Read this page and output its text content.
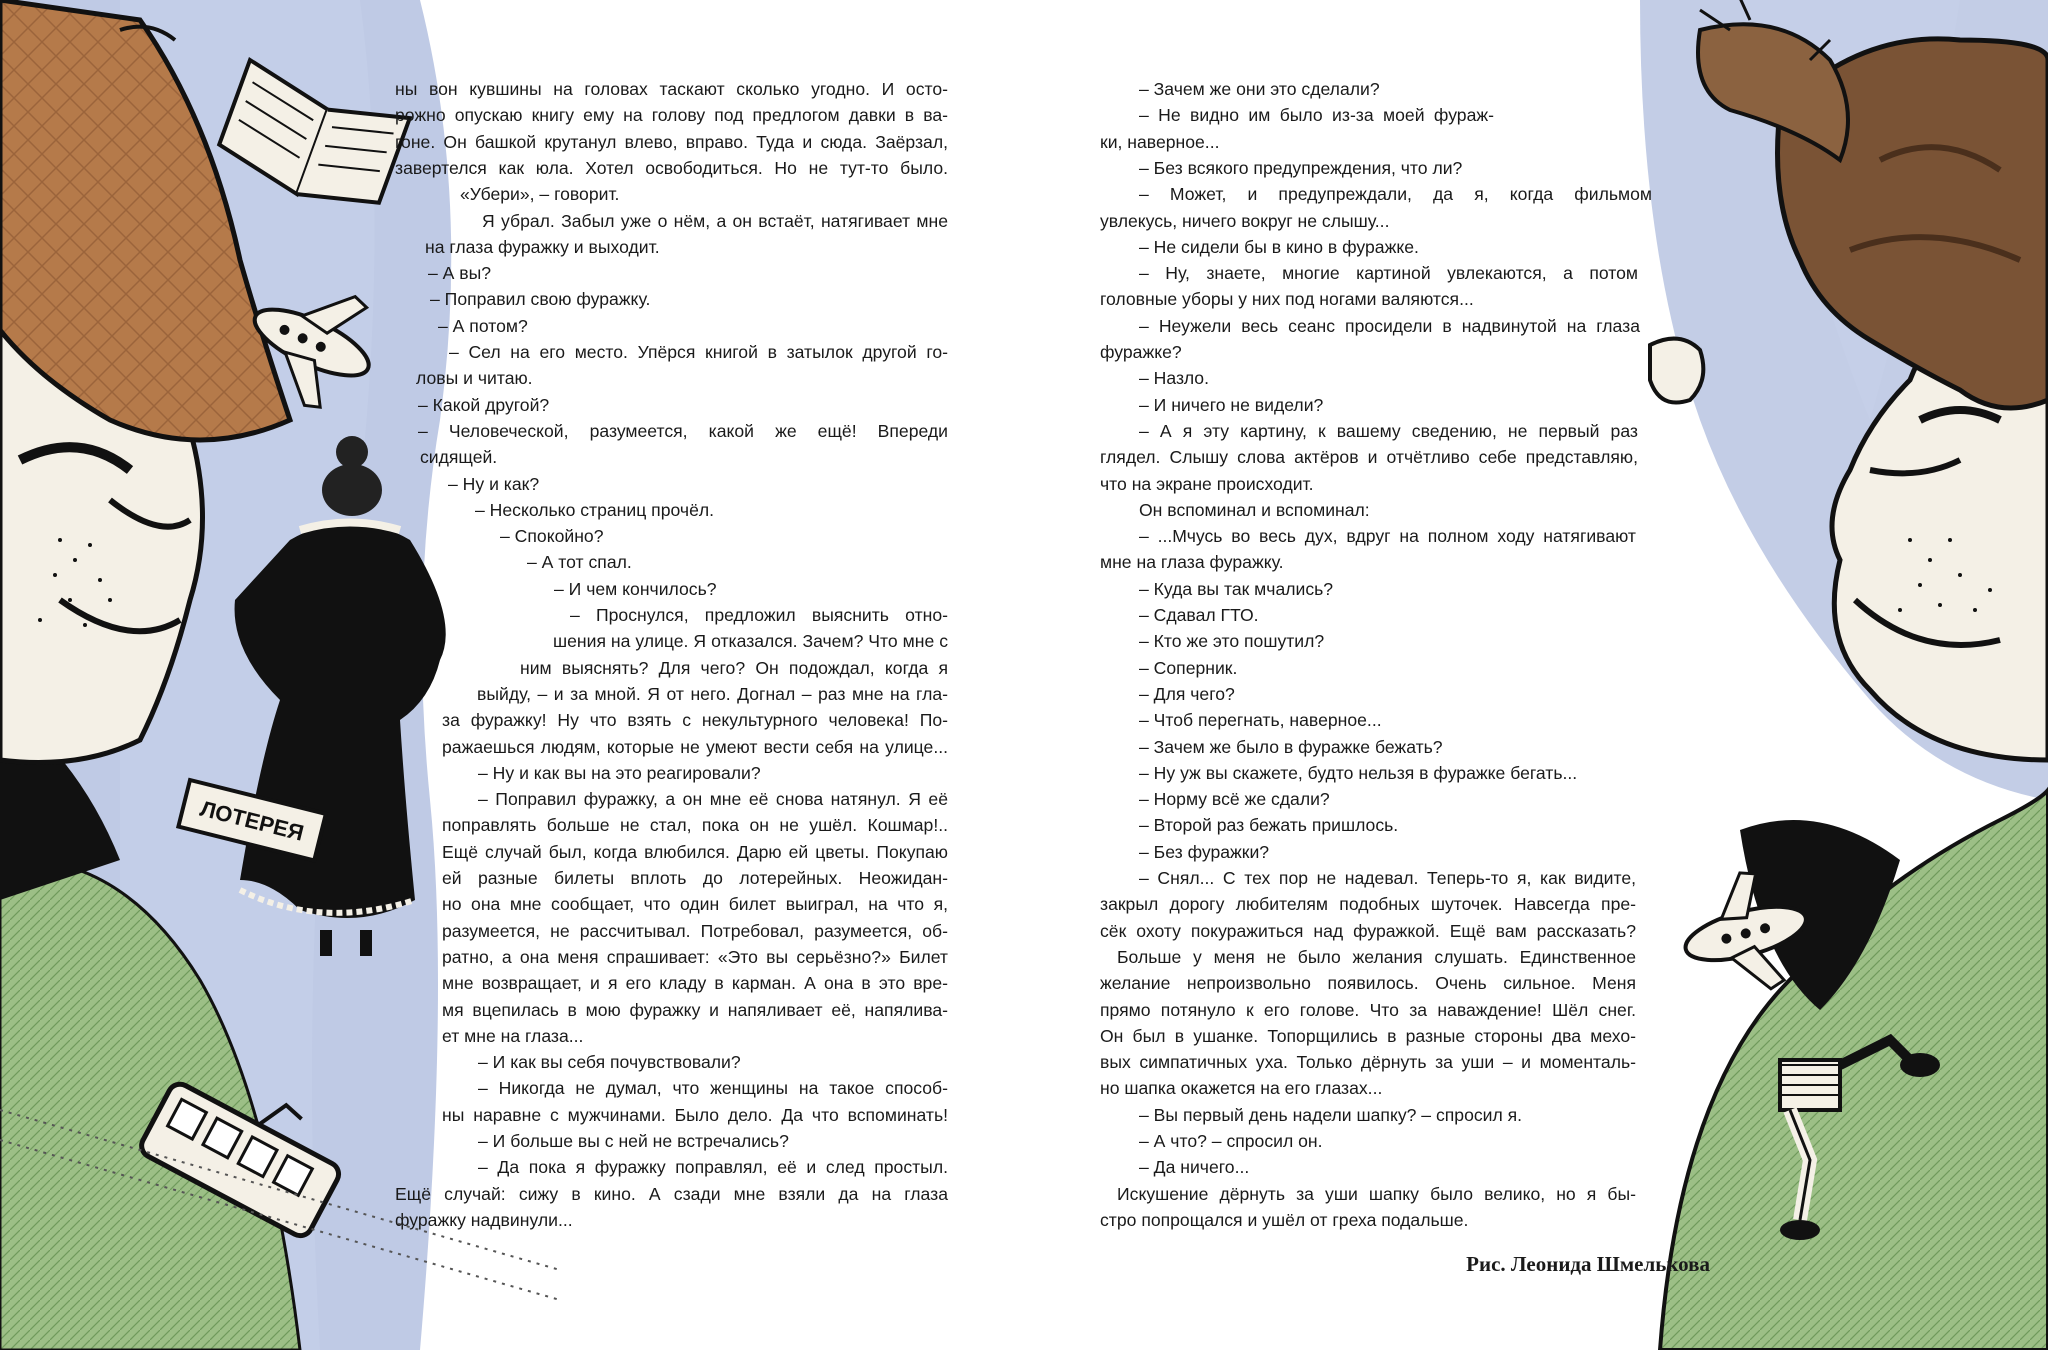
ЛОТЕРЕЯ
ны вон кувшины на головах таскают сколько угодно. И осто-
рожно опускаю книгу ему на голову под предлогом давки в ва-
гоне. Он башкой крутанул влево, вправо. Туда и сюда. Заёрзал,
завертелся как юла. Хотел освободиться. Но не тут-то было.
«Убери», – говорит.
Я убрал. Забыл уже о нём, а он встаёт, натягивает мне
на глаза фуражку и выходит.
– А вы?
– Поправил свою фуражку.
– А потом?
– Сел на его место. Упёрся книгой в затылок другой го-
ловы и читаю.
– Какой другой?
– Человеческой, разумеется, какой же ещё! Впереди
сидящей.
– Ну и как?
– Несколько страниц прочёл.
– Спокойно?
– А тот спал.
– И чем кончилось?
– Проснулся, предложил выяснить отно-
шения на улице. Я отказался. Зачем? Что мне с
ним выяснять? Для чего? Он подождал, когда я
выйду, – и за мной. Я от него. Догнал – раз мне на гла-
за фуражку! Ну что взять с некультурного человека! По-
ражаешься людям, которые не умеют вести себя на улице...
– Ну и как вы на это реагировали?
– Поправил фуражку, а он мне её снова натянул. Я её
поправлять больше не стал, пока он не ушёл. Кошмар!..
Ещё случай был, когда влюбился. Дарю ей цветы. Покупаю
ей разные билеты вплоть до лотерейных. Неожидан-
но она мне сообщает, что один билет выиграл, на что я,
разумеется, не рассчитывал. Потребовал, разумеется, об-
ратно, а она меня спрашивает: «Это вы серьёзно?» Билет
мне возвращает, и я его кладу в карман. А она в это вре-
мя вцепилась в мою фуражку и напяливает её, напялива-
ет мне на глаза...
– И как вы себя почувствовали?
– Никогда не думал, что женщины на такое способ-
ны наравне с мужчинами. Было дело. Да что вспоминать!
– И больше вы с ней не встречались?
– Да пока я фуражку поправлял, её и след простыл.
Ещё случай: сижу в кино. А сзади мне взяли да на глаза
фуражку надвинули...
– Зачем же они это сделали?
– Не видно им было из-за моей фураж-
ки, наверное...
– Без всякого предупреждения, что ли?
– Может, и предупреждали, да я, когда фильмом
увлекусь, ничего вокруг не слышу...
– Не сидели бы в кино в фуражке.
– Ну, знаете, многие картиной увлекаются, а потом
головные уборы у них под ногами валяются...
– Неужели весь сеанс просидели в надвинутой на глаза
фуражке?
– Назло.
– И ничего не видели?
– А я эту картину, к вашему сведению, не первый раз
глядел. Слышу слова актёров и отчётливо себе представляю,
что на экране происходит.
Он вспоминал и вспоминал:
– ...Мчусь во весь дух, вдруг на полном ходу натягивают
мне на глаза фуражку.
– Куда вы так мчались?
– Сдавал ГТО.
– Кто же это пошутил?
– Соперник.
– Для чего?
– Чтоб перегнать, наверное...
– Зачем же было в фуражке бежать?
– Ну уж вы скажете, будто нельзя в фуражке бегать...
– Норму всё же сдали?
– Второй раз бежать пришлось.
– Без фуражки?
– Снял... С тех пор не надевал. Теперь-то я, как видите,
закрыл дорогу любителям подобных шуточек. Навсегда пре-
сёк охоту покуражиться над фуражкой. Ещё вам рассказать?
Больше у меня не было желания слушать. Единственное
желание непроизвольно появилось. Очень сильное. Меня
прямо потянуло к его голове. Что за наваждение! Шёл снег.
Он был в ушанке. Топорщились в разные стороны два мехо-
вых симпатичных уха. Только дёрнуть за уши – и моменталь-
но шапка окажется на его глазах...
– Вы первый день надели шапку? – спросил я.
– А что? – спросил он.
– Да ничего...
Искушение дёрнуть за уши шапку было велико, но я бы-
стро попрощался и ушёл от греха подальше.
Рис. Леонида Шмелькова
